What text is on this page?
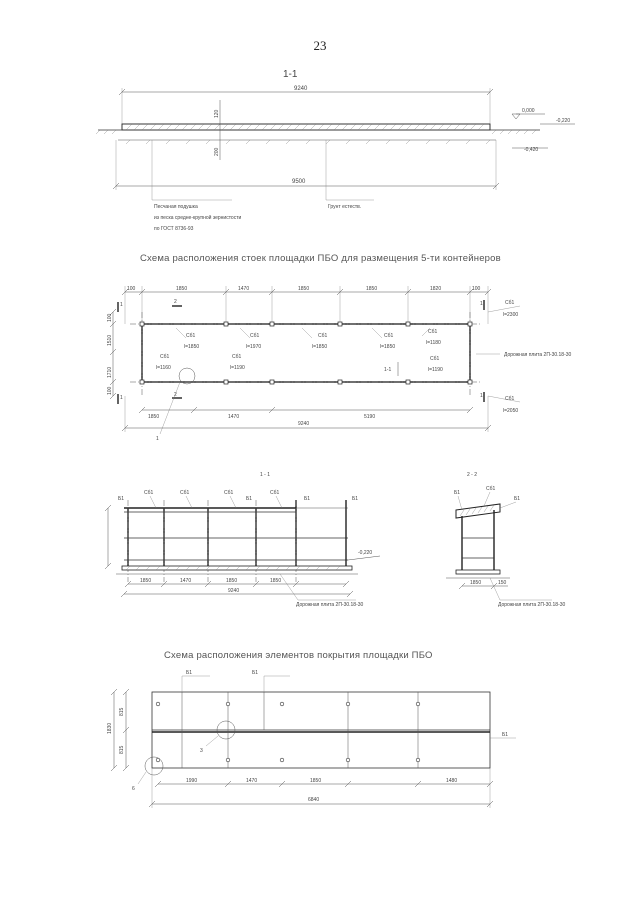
23
1-1
9240
120
200
9500
0,000
-0,220
-0,420
Песчаная подушка
из песка средне-крупной зернистости
по ГОСТ 8736-93
Грунт естеств.
Схема расположения стоек площадки ПБО для размещения 5-ти контейнеров
100	1850	1470	1850	1850	1820	100
Сб1
l=1850
Сб1
l=1970
Сб1
l=1850
Сб1
l=1850
Сб1
l=1180
Сб1
l=1160
Сб1
l=1190
Сб1
l=1190
1-1
2
2
1
1
1
1
Сб1
l=2300
Сб1
l=2050
Дорожная плита 2П-30.18-30
100
1510
1710
100
1
1850	1470	5190
9240
1 - 1
-0,220
Б1
Сб1	Сб1	Сб1
Б1
Сб1
Б1	Б1
1850	1470	1850	1850
9240
Дорожная плита 2П-30.18-30
2 - 2
Б1
Сб1
Б1
1850	150
Дорожная плита 2П-30.18-30
Схема расположения элементов покрытия площадки ПБО
3
6
Б1	Б1
Б1
1830
815
815
1990	1470	1850	1480
6840
